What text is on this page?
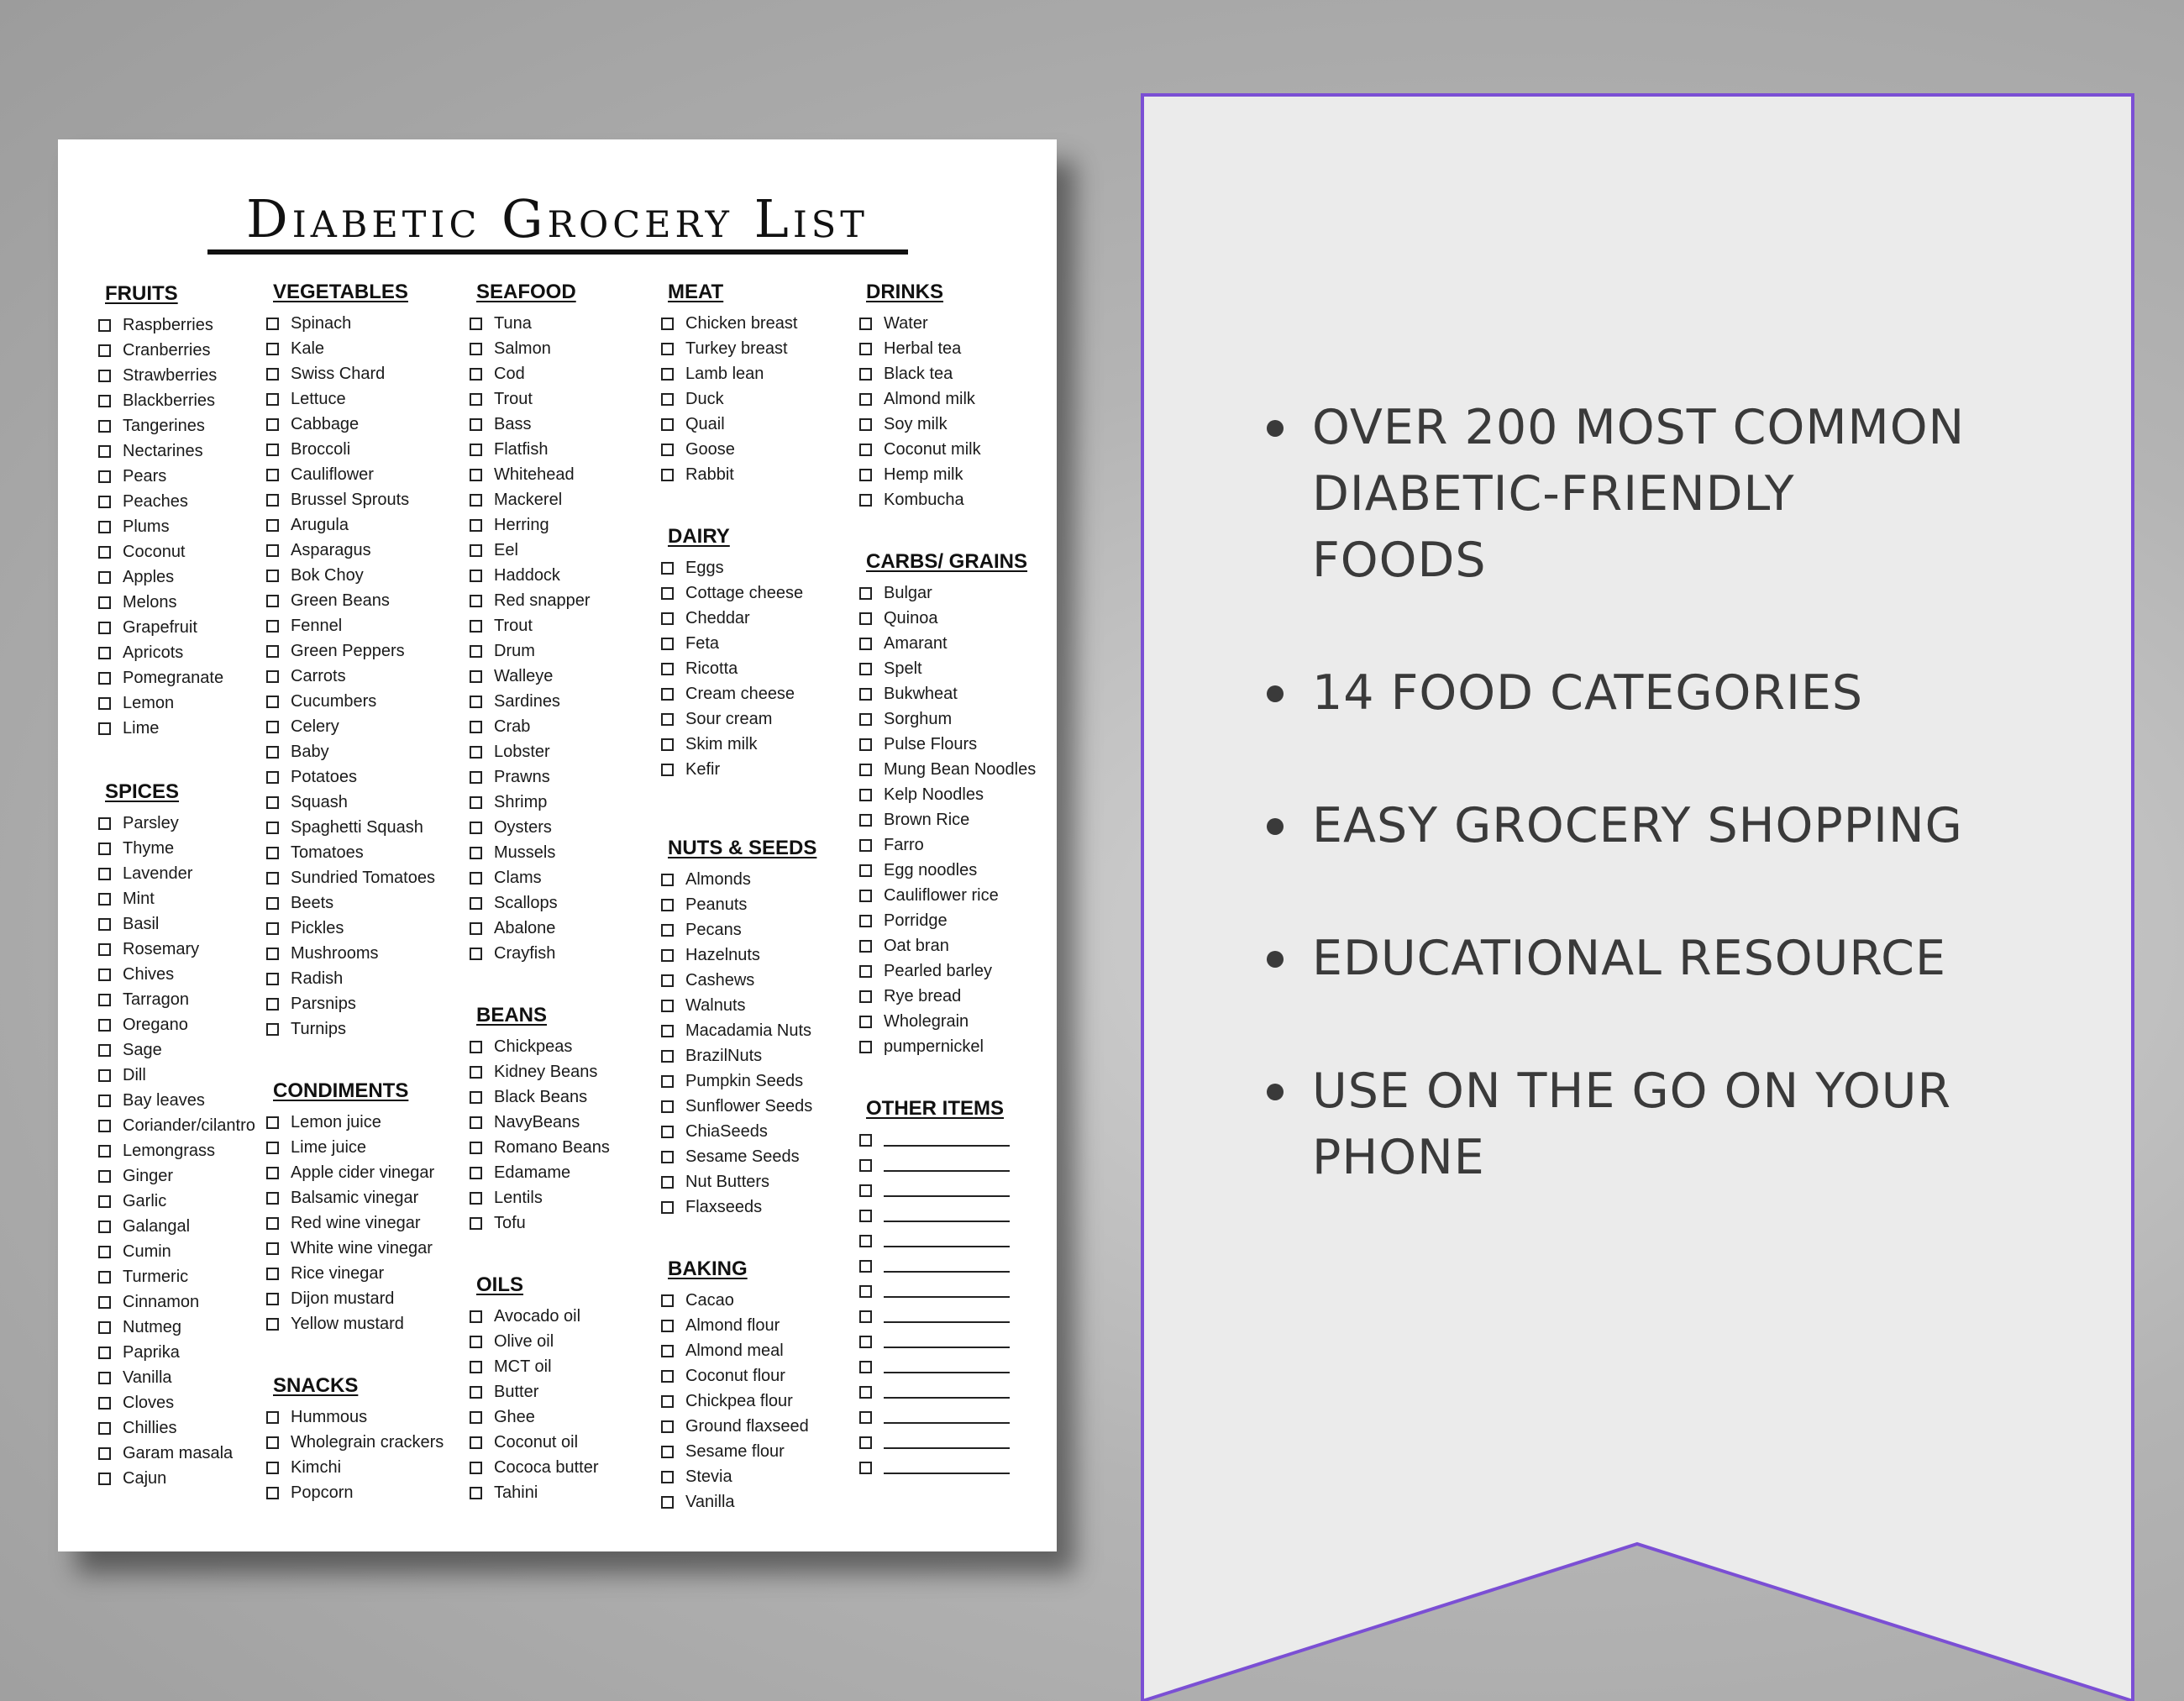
Diabetic Grocery List
FRUITS
Raspberries
Cranberries
Strawberries
Blackberries
Tangerines
Nectarines
Pears
Peaches
Plums
Coconut
Apples
Melons
Grapefruit
Apricots
Pomegranate
Lemon
Lime
SPICES
Parsley
Thyme
Lavender
Mint
Basil
Rosemary
Chives
Tarragon
Oregano
Sage
Dill
Bay leaves
Coriander/cilantro
Lemongrass
Ginger
Garlic
Galangal
Cumin
Turmeric
Cinnamon
Nutmeg
Paprika
Vanilla
Cloves
Chillies
Garam masala
Cajun
VEGETABLES
Spinach
Kale
Swiss Chard
Lettuce
Cabbage
Broccoli
Cauliflower
Brussel Sprouts
Arugula
Asparagus
Bok Choy
Green Beans
Fennel
Green Peppers
Carrots
Cucumbers
Celery
Baby
Potatoes
Squash
Spaghetti Squash
Tomatoes
Sundried Tomatoes
Beets
Pickles
Mushrooms
Radish
Parsnips
Turnips
CONDIMENTS
Lemon juice
Lime juice
Apple cider vinegar
Balsamic vinegar
Red wine vinegar
White wine vinegar
Rice vinegar
Dijon mustard
Yellow mustard
SNACKS
Hummous
Wholegrain crackers
Kimchi
Popcorn
SEAFOOD
Tuna
Salmon
Cod
Trout
Bass
Flatfish
Whitehead
Mackerel
Herring
Eel
Haddock
Red snapper
Trout
Drum
Walleye
Sardines
Crab
Lobster
Prawns
Shrimp
Oysters
Mussels
Clams
Scallops
Abalone
Crayfish
BEANS
Chickpeas
Kidney Beans
Black Beans
NavyBeans
Romano Beans
Edamame
Lentils
Tofu
OILS
Avocado oil
Olive oil
MCT oil
Butter
Ghee
Coconut oil
Cococa butter
Tahini
MEAT
Chicken breast
Turkey breast
Lamb lean
Duck
Quail
Goose
Rabbit
DAIRY
Eggs
Cottage cheese
Cheddar
Feta
Ricotta
Cream cheese
Sour cream
Skim milk
Kefir
NUTS & SEEDS
Almonds
Peanuts
Pecans
Hazelnuts
Cashews
Walnuts
Macadamia Nuts
BrazilNuts
Pumpkin Seeds
Sunflower Seeds
ChiaSeeds
Sesame Seeds
Nut Butters
Flaxseeds
BAKING
Cacao
Almond flour
Almond meal
Coconut flour
Chickpea flour
Ground flaxseed
Sesame flour
Stevia
Vanilla
DRINKS
Water
Herbal tea
Black tea
Almond milk
Soy milk
Coconut milk
Hemp milk
Kombucha
CARBS/ GRAINS
Bulgar
Quinoa
Amarant
Spelt
Bukwheat
Sorghum
Pulse Flours
Mung Bean Noodles
Kelp Noodles
Brown Rice
Farro
Egg noodles
Cauliflower rice
Porridge
Oat bran
Pearled barley
Rye bread
Wholegrain
pumpernickel
OTHER ITEMS
OVER 200 MOST COMMON DIABETIC-FRIENDLY FOODS
14 FOOD CATEGORIES
EASY GROCERY SHOPPING
EDUCATIONAL RESOURCE
USE ON THE GO ON YOUR PHONE
